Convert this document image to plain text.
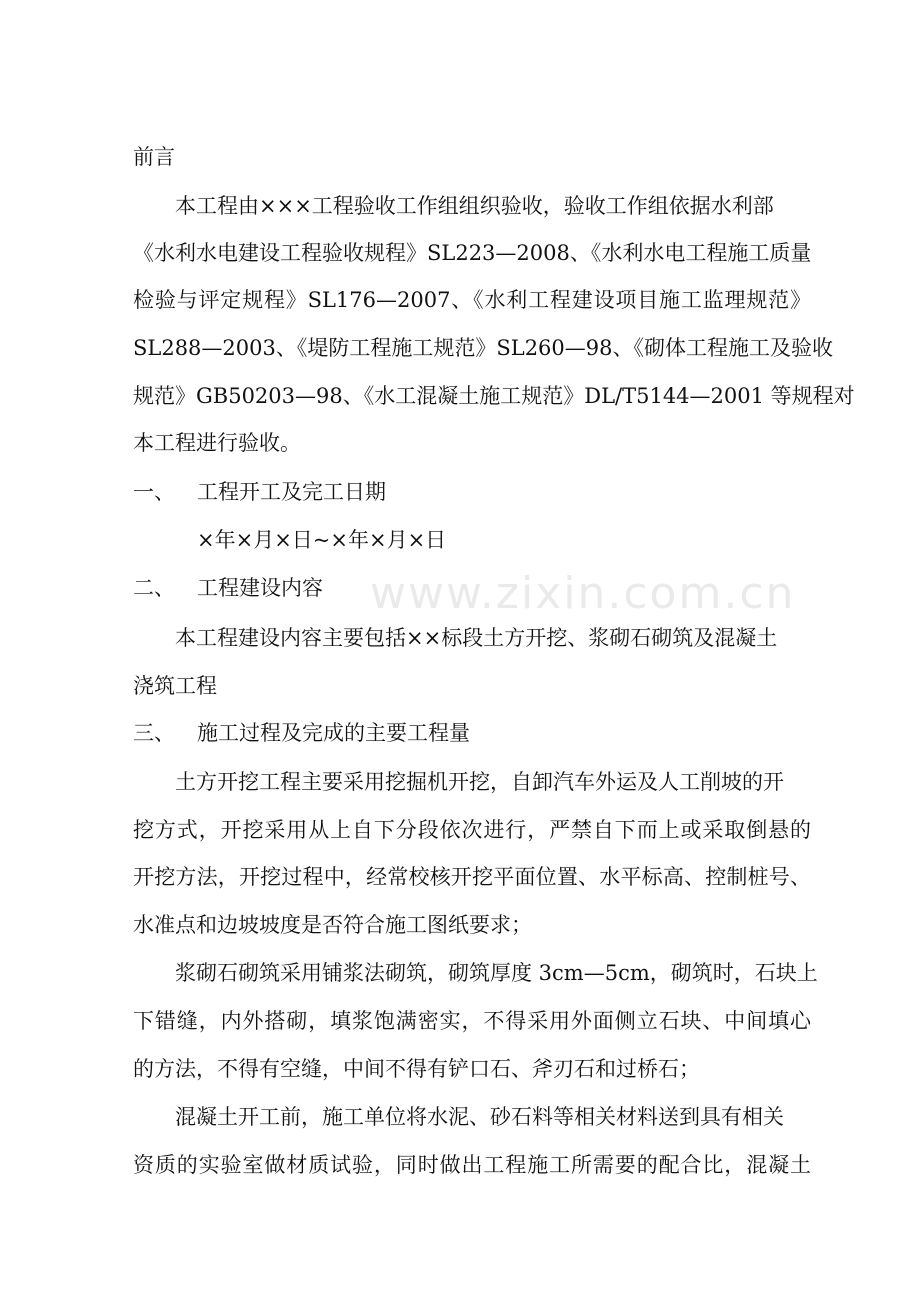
www.zixin.com.cn
前言
本工程由×××工程验收工作组组织验收，验收工作组依据水利部
《水利水电建设工程验收规程》SL223—2008、《水利水电工程施工质量
检验与评定规程》SL176—2007、《水利工程建设项目施工监理规范》
SL288—2003、《堤防工程施工规范》SL260—98、《砌体工程施工及验收
规范》GB50203—98、《水工混凝土施工规范》DL/T5144—2001 等规程对
本工程进行验收。
一、 工程开工及完工日期
×年×月×日~×年×月×日
二、 工程建设内容
本工程建设内容主要包括××标段土方开挖、浆砌石砌筑及混凝土
浇筑工程
三、 施工过程及完成的主要工程量
土方开挖工程主要采用挖掘机开挖，自卸汽车外运及人工削坡的开
挖方式，开挖采用从上自下分段依次进行，严禁自下而上或采取倒悬的
开挖方法，开挖过程中，经常校核开挖平面位置、水平标高、控制桩号、
水准点和边坡坡度是否符合施工图纸要求；
浆砌石砌筑采用铺浆法砌筑，砌筑厚度 3cm—5cm，砌筑时，石块上
下错缝，内外搭砌，填浆饱满密实，不得采用外面侧立石块、中间填心
的方法，不得有空缝，中间不得有铲口石、斧刃石和过桥石；
混凝土开工前，施工单位将水泥、砂石料等相关材料送到具有相关
资质的实验室做材质试验，同时做出工程施工所需要的配合比，混凝土
